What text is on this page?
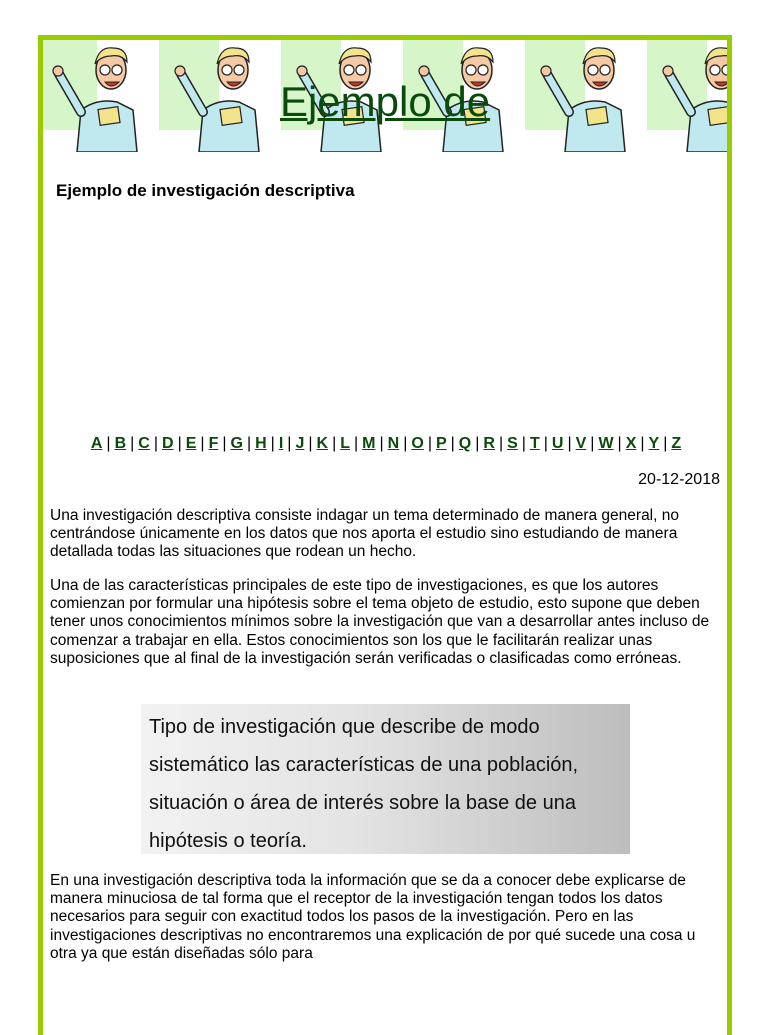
Ejemplo de
Ejemplo de investigación descriptiva
A | B | C | D | E | F | G | H | I | J | K | L | M | N | O | P | Q | R | S | T | U | V | W | X | Y | Z
20-12-2018

Una investigación descriptiva consiste indagar un tema determinado de manera general, no centrándose únicamente en los datos que nos aporta el estudio sino estudiando de manera detallada todas las situaciones que rodean un hecho.

Una de las características principales de este tipo de investigaciones, es que los autores comienzan por formular una hipótesis sobre el tema objeto de estudio, esto supone que deben tener unos conocimientos mínimos sobre la investigación que van a desarrollar antes incluso de comenzar a trabajar en ella. Estos conocimientos son los que le facilitarán realizar unas suposiciones que al final de la investigación serán verificadas o clasificadas como erróneas.

Tipo de investigación que describe de modo

sistemático las características de una población,

situación o área de interés sobre la base de una

hipótesis o teoría.

En una investigación descriptiva toda la información que se da a conocer debe explicarse de manera minuciosa de tal forma que el receptor de la investigación tengan todos los datos necesarios para seguir con exactitud todos los pasos de la investigación. Pero en las investigaciones descriptivas no encontraremos una explicación de por qué sucede una cosa u otra ya que están diseñadas sólo para
